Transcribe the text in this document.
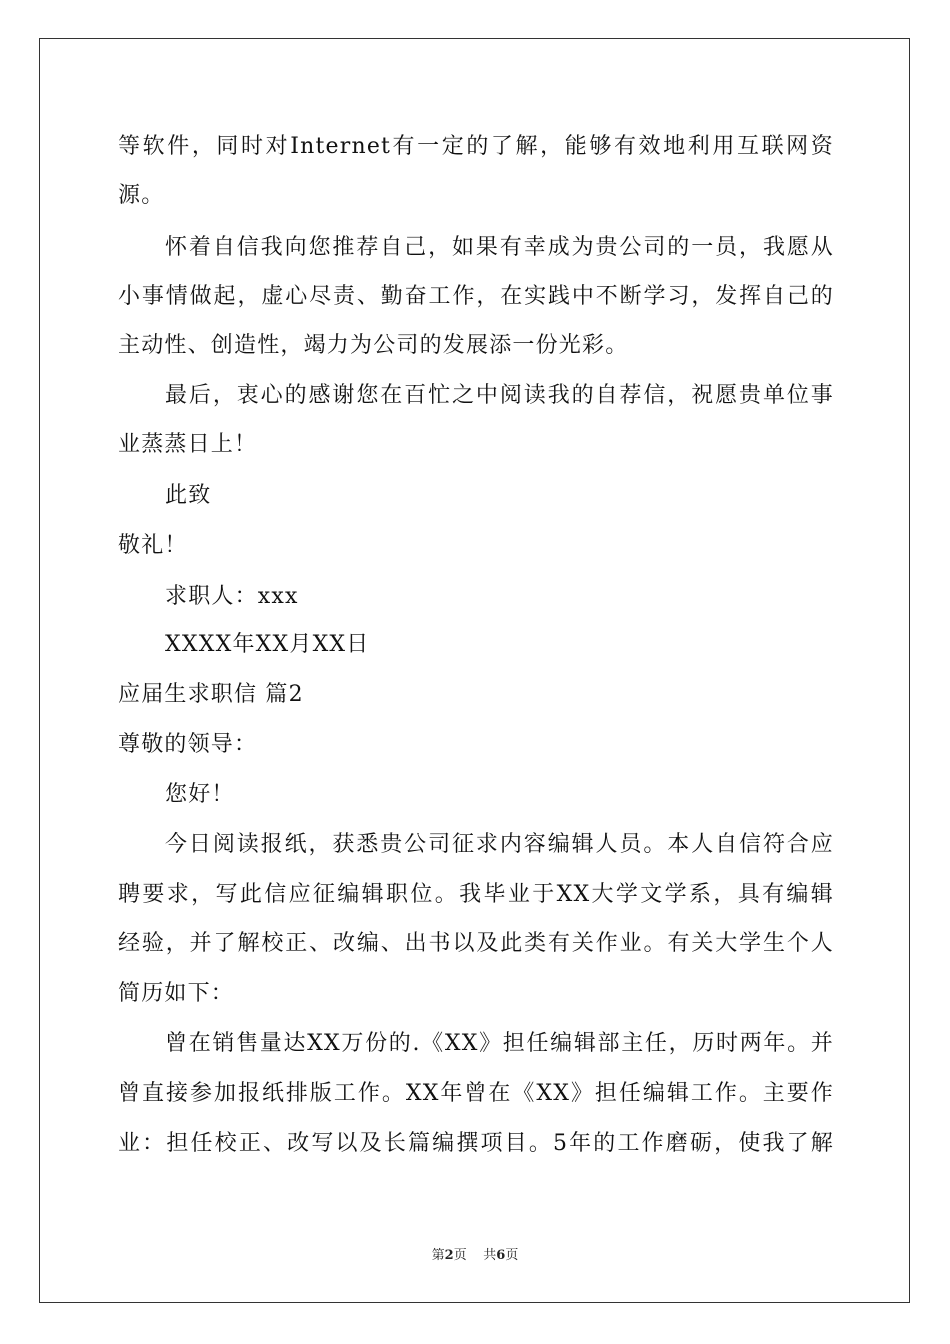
等软件，同时对Internet有一定的了解，能够有效地利用互联网资
源。
怀着自信我向您推荐自己，如果有幸成为贵公司的一员，我愿从
小事情做起，虚心尽责、勤奋工作，在实践中不断学习，发挥自己的
主动性、创造性，竭力为公司的发展添一份光彩。
最后，衷心的感谢您在百忙之中阅读我的自荐信，祝愿贵单位事
业蒸蒸日上！
此致
敬礼！
求职人：xxx
XXXX年XX月XX日
应届生求职信 篇2
尊敬的领导：
您好！
今日阅读报纸，获悉贵公司征求内容编辑人员。本人自信符合应
聘要求，写此信应征编辑职位。我毕业于XX大学文学系，具有编辑
经验，并了解校正、改编、出书以及此类有关作业。有关大学生个人
简历如下：
曾在销售量达XX万份的.《XX》担任编辑部主任，历时两年。并
曾直接参加报纸排版工作。XX年曾在《XX》担任编辑工作。主要作
业：担任校正、改写以及长篇编撰项目。5年的工作磨砺，使我了解
第2页 共6页
